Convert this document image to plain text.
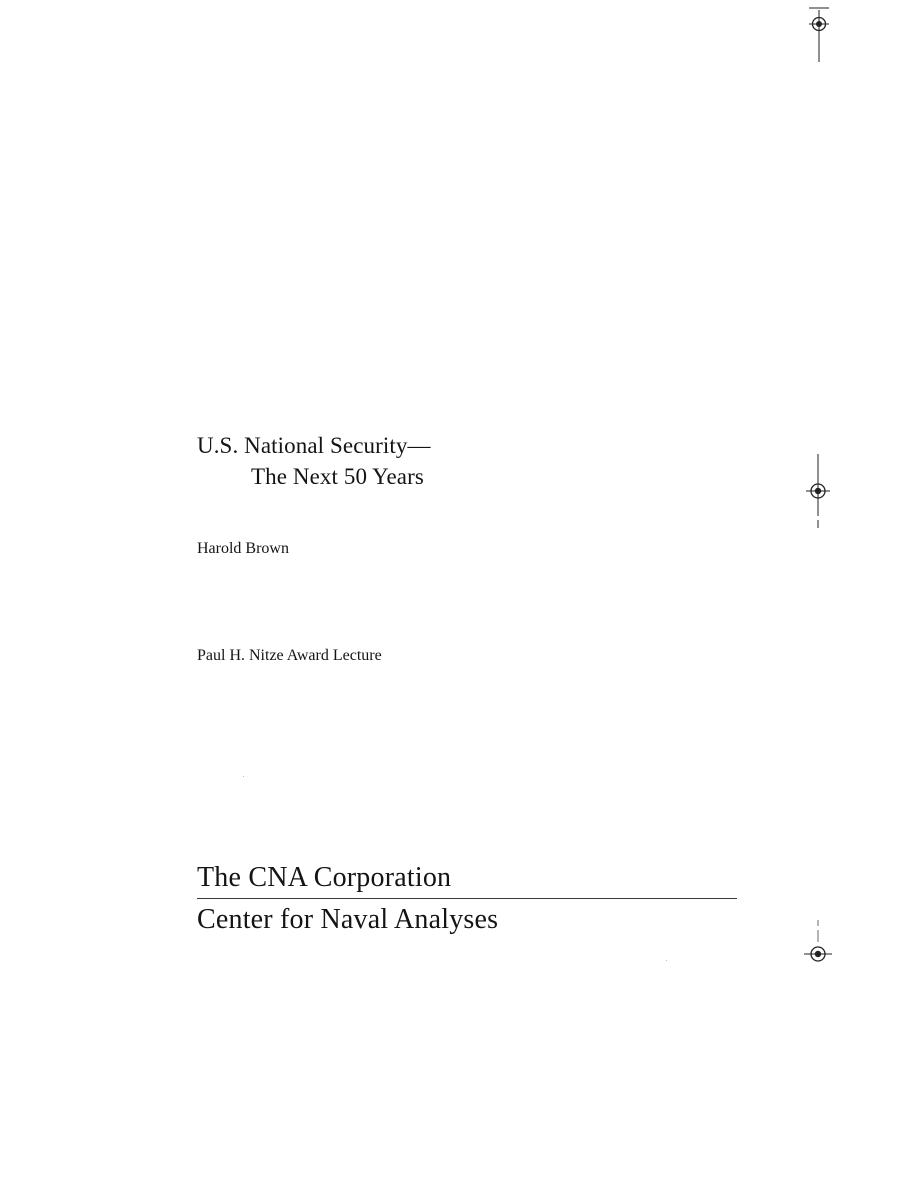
U.S. National Security—
The Next 50 Years
Harold Brown
Paul H. Nitze Award Lecture
The CNA Corporation
Center for Naval Analyses
